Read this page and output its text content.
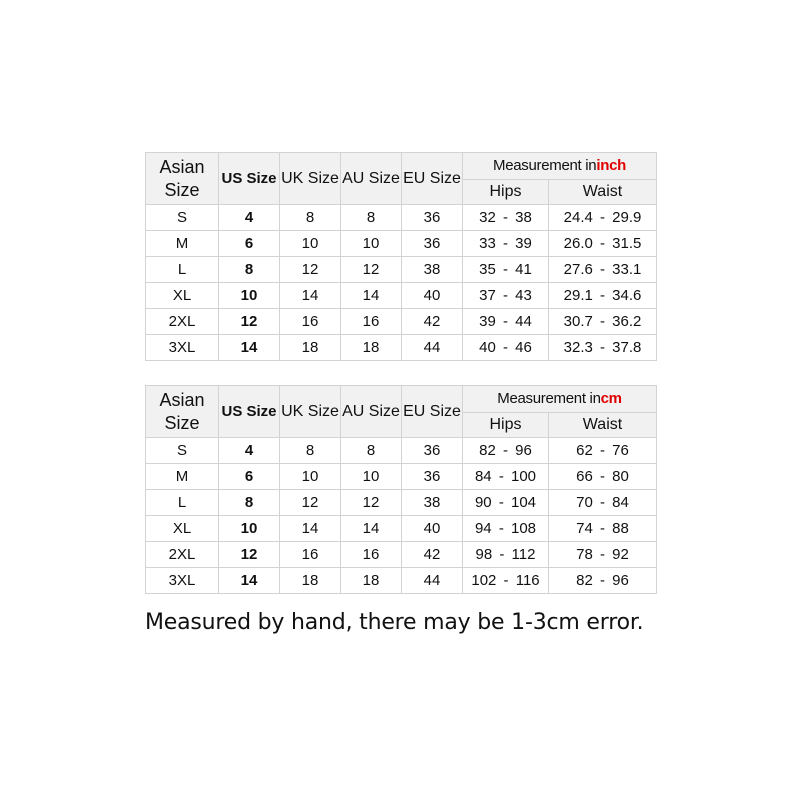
Asian Size	US Size	UK Size	AU Size	EU Size	Measurement ininch	
					Hips	Waist
S	4	8	8	36	32 - 38	24.4 - 29.9
M	6	10	10	36	33 - 39	26.0 - 31.5
L	8	12	12	38	35 - 41	27.6 - 33.1
XL	10	14	14	40	37 - 43	29.1 - 34.6
2XL	12	16	16	42	39 - 44	30.7 - 36.2
3XL	14	18	18	44	40 - 46	32.3 - 37.8
Asian Size	US Size	UK Size	AU Size	EU Size	Measurement incm	
					Hips	Waist
S	4	8	8	36	82 - 96	62 - 76
M	6	10	10	36	84 - 100	66 - 80
L	8	12	12	38	90 - 104	70 - 84
XL	10	14	14	40	94 - 108	74 - 88
2XL	12	16	16	42	98 - 112	78 - 92
3XL	14	18	18	44	102 - 116	82 - 96

Measured by hand, there may be 1-3cm error.
